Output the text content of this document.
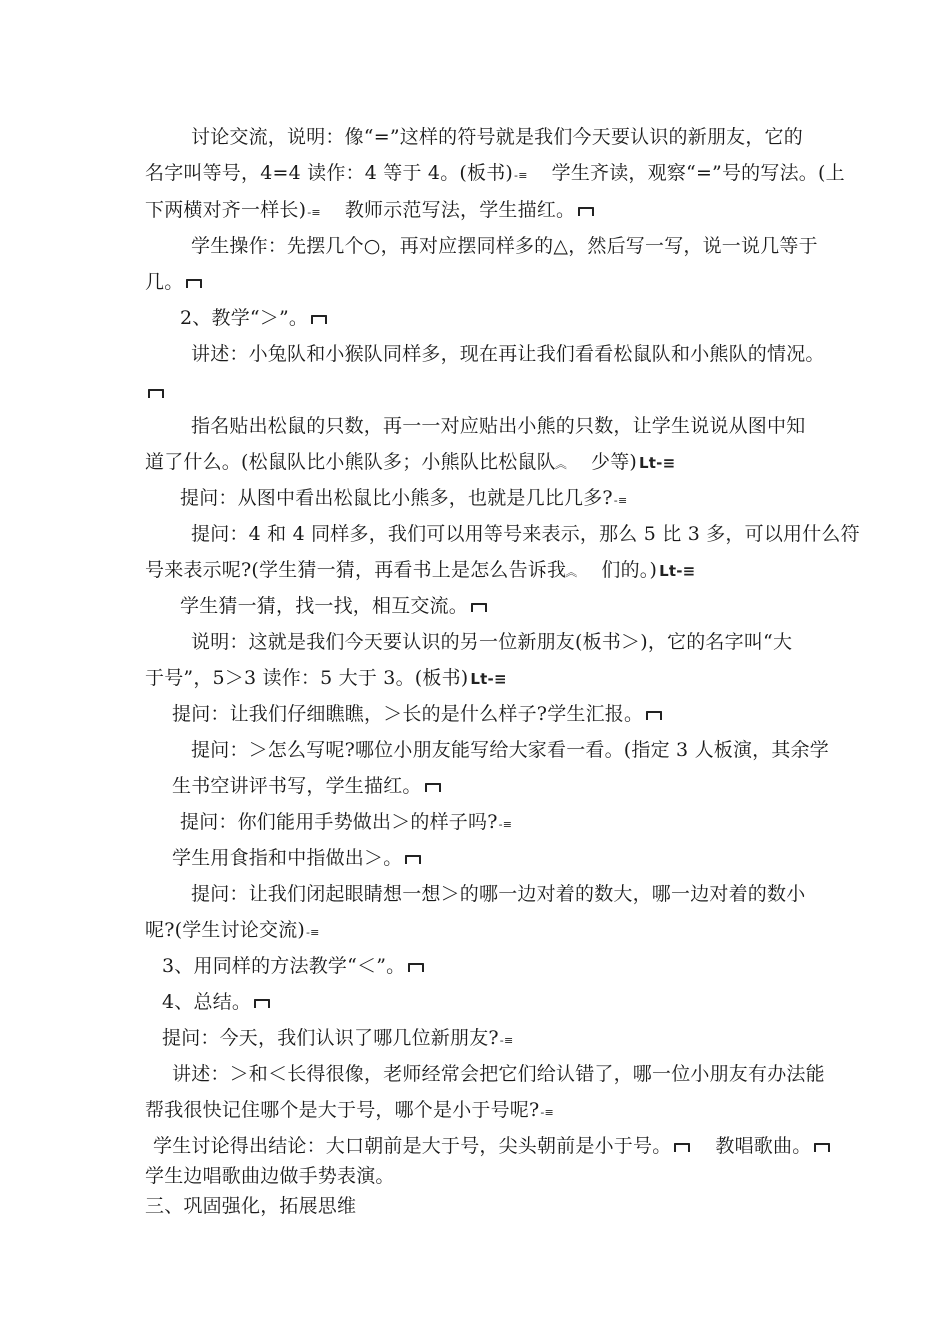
讨论交流，说明：像“=”这样的符号就是我们今天要认识的新朋友，它的
名字叫等号，4=4 读作：4 等于 4。(板书)-≡ 学生齐读，观察“=”号的写法。(上
下两横对齐一样长)-≡ 教师示范写法，学生描红。
学生操作：先摆几个○，再对应摆同样多的△，然后写一写，说一说几等于
几。
2、教学“＞”。
讲述：小兔队和小猴队同样多，现在再让我们看看松鼠队和小熊队的情况。
指名贴出松鼠的只数，再一一对应贴出小熊的只数，让学生说说从图中知
道了什么。(松鼠队比小熊队多；小熊队比松鼠队︽ 少等) Lt-≡
提问：从图中看出松鼠比小熊多，也就是几比几多?-≡
提问：4 和 4 同样多，我们可以用等号来表示，那么 5 比 3 多，可以用什么符
号来表示呢?(学生猜一猜，再看书上是怎么告诉我︽ 们的。) Lt-≡
学生猜一猜，找一找，相互交流。
说明：这就是我们今天要认识的另一位新朋友(板书＞)，它的名字叫“大
于号”，5＞3 读作：5 大于 3。(板书) Lt-≡
提问：让我们仔细瞧瞧，＞长的是什么样子?学生汇报。
提问：＞怎么写呢?哪位小朋友能写给大家看一看。(指定 3 人板演，其余学
生书空讲评书写，学生描红。
提问：你们能用手势做出＞的样子吗?-≡
学生用食指和中指做出＞。
提问：让我们闭起眼睛想一想＞的哪一边对着的数大，哪一边对着的数小
呢?(学生讨论交流)-≡
3、用同样的方法教学“＜”。
4、总结。
提问：今天，我们认识了哪几位新朋友?-≡
讲述：＞和＜长得很像，老师经常会把它们给认错了，哪一位小朋友有办法能
帮我很快记住哪个是大于号，哪个是小于号呢?-≡
学生讨论得出结论：大口朝前是大于号，尖头朝前是小于号。 教唱歌曲。
学生边唱歌曲边做手势表演。
三、巩固强化，拓展思维
